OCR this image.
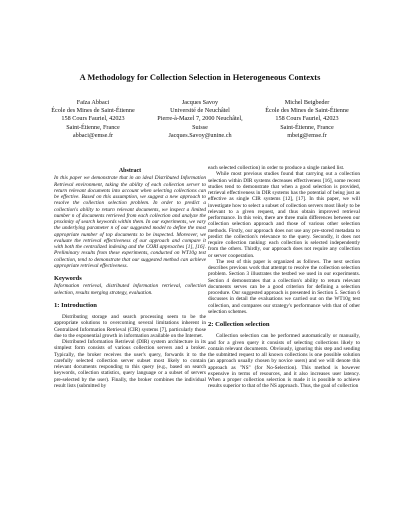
A Methodology for Collection Selection in Heterogeneous Contexts
Faïza Abbaci
École des Mines de Saint-Étienne
158 Cours Fauriel, 42023
Saint-Étienne, France
abbaci@emse.fr
Jacques Savoy
Université de Neuchâtel
Pierre-à-Mazel 7, 2000 Neuchâtel,
Suisse
Jacques.Savoy@unine.ch
Michel Beigbeder
École des Mines de Saint-Étienne
158 Cours Fauriel, 42023
Saint-Étienne, France
mbeig@emse.fr
Abstract
In this paper we demonstrate that in an ideal Distributed Information Retrieval environment, taking the ability of each collection server to return relevant documents into account when selecting collections can be effective. Based on this assumption, we suggest a new approach to resolve the collection selection problem. In order to predict a collection's ability to return relevant documents, we inspect a limited number n of documents retrieved from each collection and analyze the proximity of search keywords within them. In our experiments, we vary the underlying parameter n of our suggested model to define the most appropriate number of top documents to be inspected. Moreover, we evaluate the retrieval effectiveness of our approach and compare it with both the centralized indexing and the CORI approaches [1], [16]. Preliminary results from these experiments, conducted on WT10g test collection, tend to demonstrate that our suggested method can achieve appropriate retrieval effectiveness.
Keywords
Information retrieval, distributed information retrieval, collection selection, results merging strategy, evaluation.
1: Introduction

Distributing storage and search processing seem to be the appropriate solutions to overcoming several limitations inherent in Centralized Information Retrieval (CIR) systems [7], particularly those due to the exponential growth in information available on the Internet.

Distributed Information Retrieval (DIR) system architecture in its simplest form consists of various collection servers and a broker. Typically, the broker receives the user's query, forwards it to the carefully selected collection server subset most likely to contain relevant documents responding to this query (e.g., based on search keywords, collection statistics, query language or a subset of servers pre-selected by the user). Finally, the broker combines the individual result lists (submitted by

each selected collection) in order to produce a single ranked list.

While most previous studies found that carrying out a collection selection within DIR systems decreases effectiveness [16], some recent studies tend to demonstrate that when a good selection is provided, retrieval effectiveness in DIR systems has the potential of being just as effective as single CIR systems [12], [17]. In this paper, we will investigate how to select a subset of collection servers most likely to be relevant to a given request, and thus obtain improved retrieval performance. In this vein, there are three main differences between our collection selection approach and those of various other selection methods. Firstly, our approach does not use any pre-stored metadata to predict the collection's relevance to the query. Secondly, it does not require collection ranking: each collection is selected independently from the others. Thirdly, our approach does not require any collection or server cooperation.

The rest of this paper is organized as follows. The next section describes previous work that attempt to resolve the collection selection problem. Section 3 illustrates the testbed we used in our experiments. Section 4 demonstrates that a collection's ability to return relevant documents serves can be a good criterion for defining a selection procedure. Our suggested approach is presented in Section 5. Section 6 discusses in detail the evaluations we carried out on the WT10g test collection, and compares our strategy's performance with that of other selection schemes.

2: Collection selection

Collection selection can be performed automatically or manually, and for a given query it consists of selecting collections likely to contain relevant documents. Obviously, ignoring this step and sending the submitted request to all known collections is one possible solution (an approach usually chosen by novice users) and we will denote this approach as "NS" (for No-Selection). This method is however expensive in terms of resources, and it also increases user latency. When a proper collection selection is made it is possible to achieve results superior to that of the NS approach. Thus, the goal of collection
